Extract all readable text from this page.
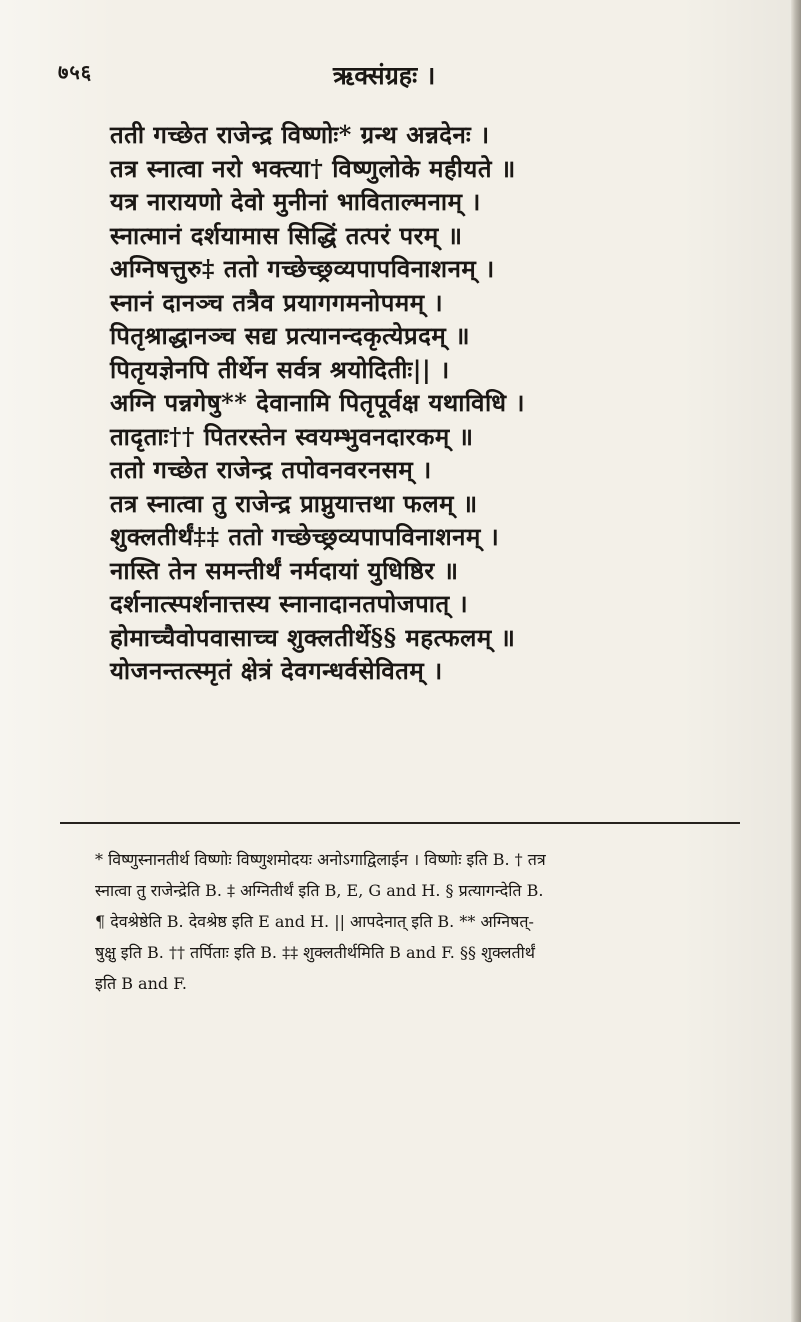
७५६	ऋक्संग्रहः ।
तती गच्छेत राजेन्द्र विष्णोः* ग्रन्थ अन्नदेनः ।
तत्र स्नात्वा नरो भक्त्या† विष्णुलोके महीयते ॥
यत्र नारायणो देवो मुनीनां भाविताल्मनाम् ।
स्नात्मानं दर्शयामास सिद्धिं तत्परं परम् ॥
अग्निषत्तुरु‡ ततो गच्छेच्छ्रव्यपापविनाशनम् ।
स्नानं दानञ्च तत्रैव प्रयागगमनोपमम् ।
पितृश्राद्धानञ्च सद्य प्रत्यानन्दकृत्येप्रदम् ॥
पितृयज्ञेनपि तीर्थेन सर्वत्र श्रयोदितीः|| ।
अग्नि पन्नगेषु** देवानामि पितृपूर्वक्ष यथाविधि ।
तादृताः†† पितरस्तेन स्वयम्भुवनदारकम् ॥
ततो गच्छेत राजेन्द्र तपोवनवरनसम् ।
तत्र स्नात्वा तु राजेन्द्र प्राप्नुयात्तथा फलम् ॥
शुक्लतीर्थं‡‡ ततो गच्छेच्छ्रव्यपापविनाशनम् ।
नास्ति तेन समन्तीर्थं नर्मदायां युधिष्ठिर ॥
दर्शनात्स्पर्शनात्तस्य स्नानादानतपोजपात् ।
होमाच्चैवोपवासाच्च शुक्लतीर्थे§§ महत्फलम् ॥
योजनन्तत्स्मृतं क्षेत्रं देवगन्धर्वसेवितम् ।
* विष्णुस्नानतीर्थ विष्णोः विष्णुशमोदयः अनोऽगाद्विलाईन । विष्णोः इति B. † तत्र
स्नात्वा तु राजेन्द्रेति B. ‡ अग्नितीर्थं इति B, E, G and H. § प्रत्यागन्देति B.
¶ देवश्रेष्ठेति B. देवश्रेष्ठ इति E and H. || आपदेनात् इति B. ** अग्निषत्-
षुक्षु इति B. †† तर्पिताः इति B. ‡‡ शुक्लतीर्थमिति B and F. §§ शुक्लतीर्थं
इति B and F.
